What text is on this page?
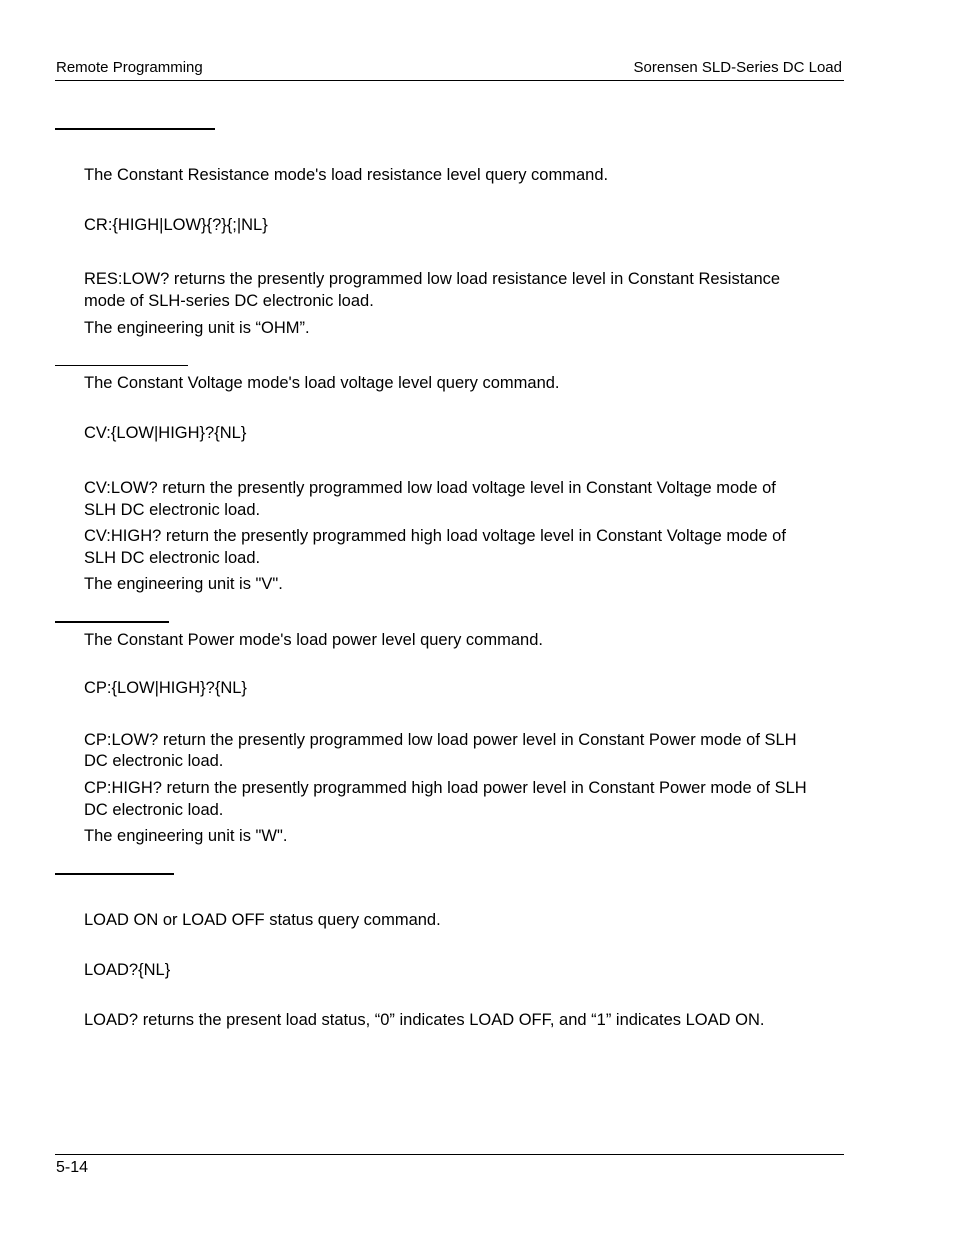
Remote Programming	Sorensen SLD-Series DC Load
The Constant Resistance mode's load resistance level query command.
CR:{HIGH|LOW}{?}{;|NL}
RES:LOW? returns the presently programmed low load resistance level in Constant Resistance
mode of SLH-series DC electronic load.
The engineering unit is “OHM”.
The Constant Voltage mode's load voltage level query command.
CV:{LOW|HIGH}?{NL}
CV:LOW? return the presently programmed low load voltage level in Constant Voltage mode of
SLH DC electronic load.
CV:HIGH? return the presently programmed high load voltage level in Constant Voltage mode of
SLH DC electronic load.
The engineering unit is "V".
The Constant Power mode's load power level query command.
CP:{LOW|HIGH}?{NL}
CP:LOW? return the presently programmed low load power level in Constant Power mode of SLH
DC electronic load.
CP:HIGH? return the presently programmed high load power level in Constant Power mode of SLH
DC electronic load.
The engineering unit is "W".
LOAD ON or LOAD OFF status query command.
LOAD?{NL}
LOAD? returns the present load status, “0” indicates LOAD OFF, and “1” indicates LOAD ON.
5-14
